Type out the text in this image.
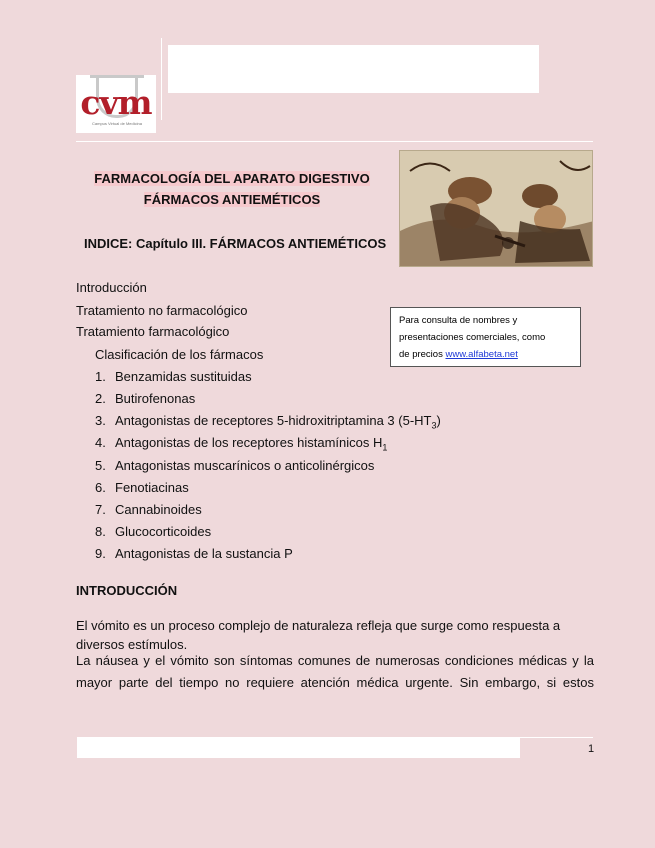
cvm
Campus Virtual de Medicina
FARMACOLOGÍA DEL APARATO DIGESTIVO
FÁRMACOS ANTIEMÉTICOS
INDICE: Capítulo III. FÁRMACOS ANTIEMÉTICOS
Introducción
Tratamiento no farmacológico
Tratamiento farmacológico
Clasificación de los fármacos
1. Benzamidas sustituidas
2. Butirofenonas
3. Antagonistas de receptores 5-hidroxitriptamina 3 $(5-HT_3)$
4. Antagonistas de los receptores histamínicos $H_1$
5. Antagonistas muscarínicos o anticolinérgicos
6. Fenotiacinas
7. Cannabinoides
8. Glucocorticoides
9. Antagonistas de la sustancia P
Para consulta de nombres y
presentaciones comerciales, como
de precios www.alfabeta.net
INTRODUCCIÓN
El vómito es un proceso complejo de naturaleza refleja que surge como respuesta a diversos estímulos.
La náusea y el vómito son síntomas comunes de numerosas condiciones médicas y la
mayor parte del tiempo no requiere atención médica urgente. Sin embargo, si estos
1
